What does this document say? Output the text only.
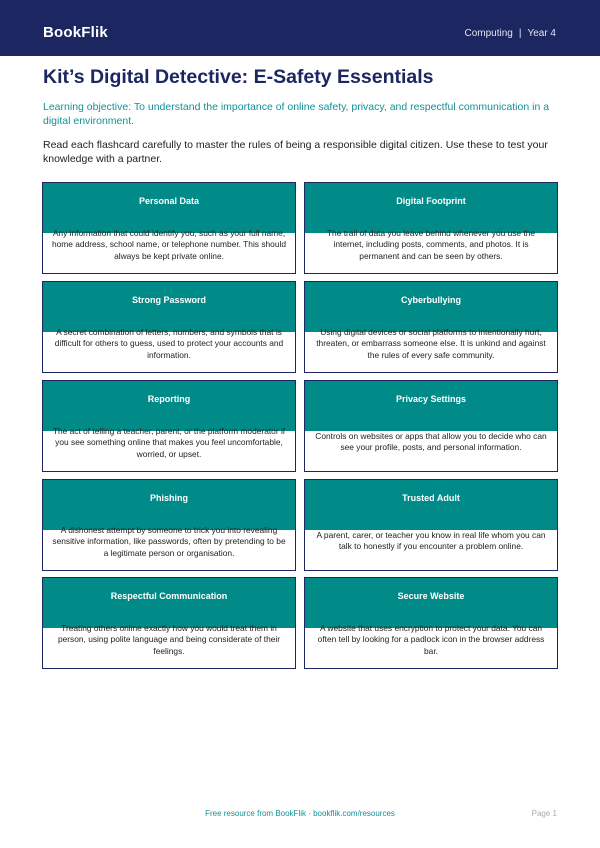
BookFlik	Computing | Year 4
Kit’s Digital Detective: E-Safety Essentials

Learning objective: To understand the importance of online safety, privacy, and respectful communication in a digital environment.

Read each flashcard carefully to master the rules of being a responsible digital citizen. Use these to test your knowledge with a partner.

Personal Data
Any information that could identify you, such as your full name, home address, school name, or telephone number. This should always be kept private online.
Digital Footprint
The trail of data you leave behind whenever you use the internet, including posts, comments, and photos. It is permanent and can be seen by others.
Strong Password
A secret combination of letters, numbers, and symbols that is difficult for others to guess, used to protect your accounts and information.
Cyberbullying
Using digital devices or social platforms to intentionally hurt, threaten, or embarrass someone else. It is unkind and against the rules of every safe community.
Reporting
The act of telling a teacher, parent, or the platform moderator if you see something online that makes you feel uncomfortable, worried, or upset.
Privacy Settings
Controls on websites or apps that allow you to decide who can see your profile, posts, and personal information.
Phishing
A dishonest attempt by someone to trick you into revealing sensitive information, like passwords, often by pretending to be a legitimate person or organisation.
Trusted Adult
A parent, carer, or teacher you know in real life whom you can talk to honestly if you encounter a problem online.
Respectful Communication
Treating others online exactly how you would treat them in person, using polite language and being considerate of their feelings.
Secure Website
A website that uses encryption to protect your data. You can often tell by looking for a padlock icon in the browser address bar.
Free resource from BookFlik · bookflik.com/resources	Page 1
